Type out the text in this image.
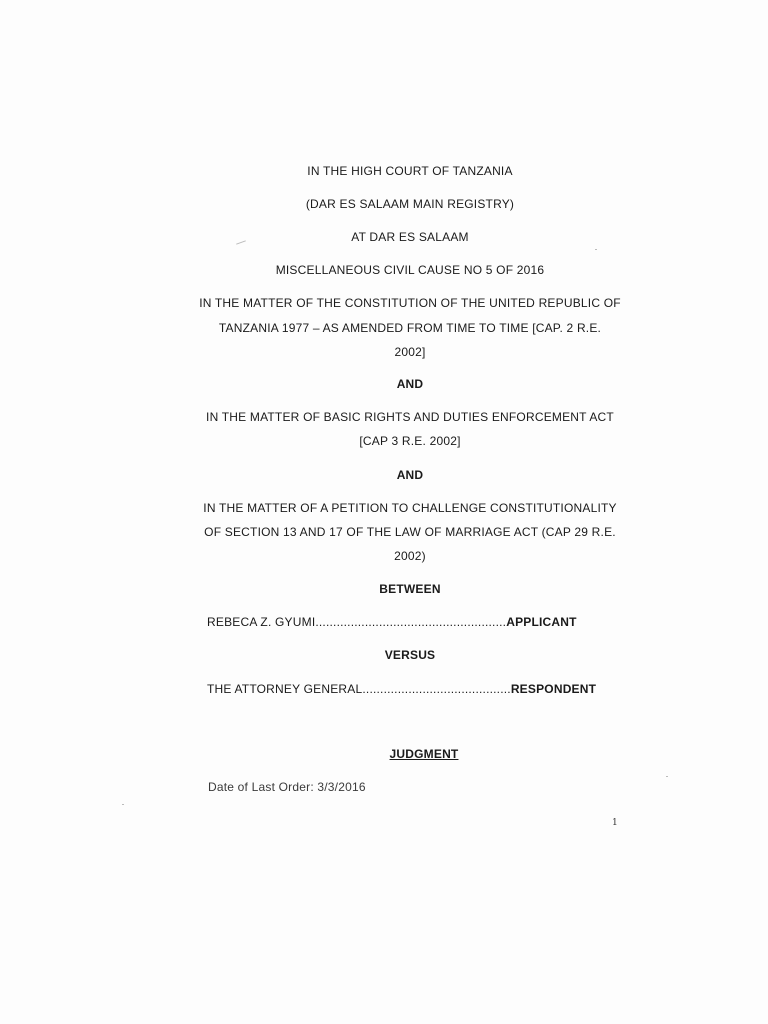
IN THE HIGH COURT OF TANZANIA
(DAR ES SALAAM MAIN REGISTRY)
AT DAR ES SALAAM
MISCELLANEOUS CIVIL CAUSE NO 5 OF 2016
IN THE MATTER OF THE CONSTITUTION OF THE UNITED REPUBLIC OF
TANZANIA 1977 – AS AMENDED FROM TIME TO TIME [CAP. 2 R.E.
2002]
AND
IN THE MATTER OF BASIC RIGHTS AND DUTIES ENFORCEMENT ACT
[CAP 3 R.E. 2002]
AND
IN THE MATTER OF A PETITION TO CHALLENGE CONSTITUTIONALITY
OF SECTION 13 AND 17 OF THE LAW OF MARRIAGE ACT (CAP 29 R.E.
2002)
BETWEEN
REBECA Z. GYUMI......................................................APPLICANT
VERSUS
THE ATTORNEY GENERAL..........................................RESPONDENT
JUDGMENT
Date of Last Order: 3/3/2016
1
